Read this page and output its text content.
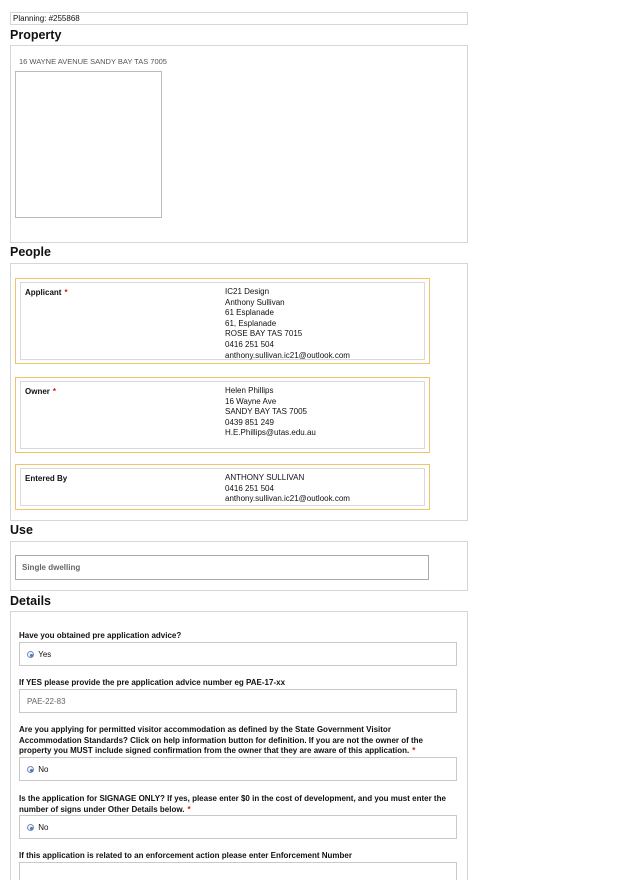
Planning: #255868
Property
16 WAYNE AVENUE SANDY BAY TAS 7005
People
Applicant *	IC21 Design
Anthony Sullivan
61 Esplanade
61, Esplanade
ROSE BAY TAS 7015
0416 251 504
anthony.sullivan.ic21@outlook.com
Owner *	Helen Phillips
16 Wayne Ave
SANDY BAY TAS 7005
0439 851 249
H.E.Phillips@utas.edu.au
Entered By	ANTHONY SULLIVAN
0416 251 504
anthony.sullivan.ic21@outlook.com
Use
Single dwelling
Details
Have you obtained pre application advice?
Yes
If YES please provide the pre application advice number eg PAE-17-xx
PAE-22-83
Are you applying for permitted visitor accommodation as defined by the State Government Visitor Accommodation Standards? Click on help information button for definition. If you are not the owner of the property you MUST include signed confirmation from the owner that they are aware of this application. *
No
Is the application for SIGNAGE ONLY? If yes, please enter $0 in the cost of development, and you must enter the number of signs under Other Details below. *
No
If this application is related to an enforcement action please enter Enforcement Number
